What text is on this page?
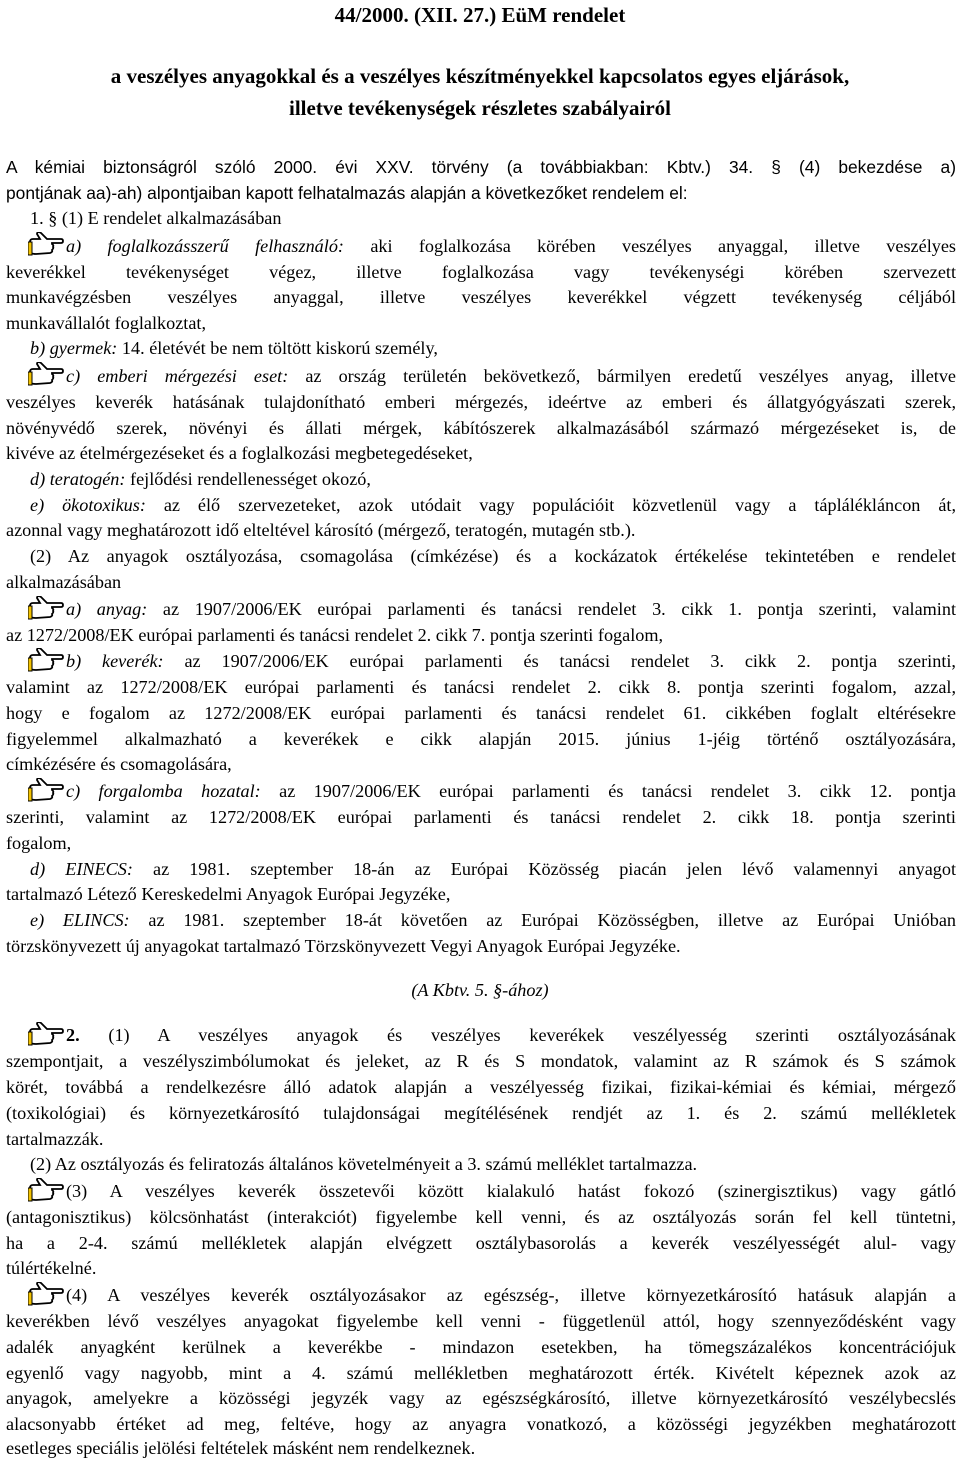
44/2000. (XII. 27.) EüM rendelet
a veszélyes anyagokkal és a veszélyes készítményekkel kapcsolatos egyes eljárások,
illetve tevékenységek részletes szabályairól
A kémiai biztonságról szóló 2000. évi XXV. törvény (a továbbiakban: Kbtv.) 34. § (4) bekezdése a)
pontjának aa)-ah) alpontjaiban kapott felhatalmazás alapján a következőket rendelem el:
1. § (1) E rendelet alkalmazásában
a) foglalkozásszerű felhasználó: aki foglalkozása körében veszélyes anyaggal, illetve veszélyes
keverékkel tevékenységet végez, illetve foglalkozása vagy tevékenységi körében szervezett
munkavégzésben veszélyes anyaggal, illetve veszélyes keverékkel végzett tevékenység céljából
munkavállalót foglalkoztat,
b) gyermek: 14. életévét be nem töltött kiskorú személy,
c) emberi mérgezési eset: az ország területén bekövetkező, bármilyen eredetű veszélyes anyag, illetve
veszélyes keverék hatásának tulajdonítható emberi mérgezés, ideértve az emberi és állatgyógyászati szerek,
növényvédő szerek, növényi és állati mérgek, kábítószerek alkalmazásából származó mérgezéseket is, de
kivéve az ételmérgezéseket és a foglalkozási megbetegedéseket,
d) teratogén: fejlődési rendellenességet okozó,
e) ökotoxikus: az élő szervezeteket, azok utódait vagy populációit közvetlenül vagy a táplálékláncon át,
azonnal vagy meghatározott idő elteltével károsító (mérgező, teratogén, mutagén stb.).
(2) Az anyagok osztályozása, csomagolása (címkézése) és a kockázatok értékelése tekintetében e rendelet
alkalmazásában
a) anyag: az 1907/2006/EK európai parlamenti és tanácsi rendelet 3. cikk 1. pontja szerinti, valamint
az 1272/2008/EK európai parlamenti és tanácsi rendelet 2. cikk 7. pontja szerinti fogalom,
b) keverék: az 1907/2006/EK európai parlamenti és tanácsi rendelet 3. cikk 2. pontja szerinti,
valamint az 1272/2008/EK európai parlamenti és tanácsi rendelet 2. cikk 8. pontja szerinti fogalom, azzal,
hogy e fogalom az 1272/2008/EK európai parlamenti és tanácsi rendelet 61. cikkében foglalt eltérésekre
figyelemmel alkalmazható a keverékek e cikk alapján 2015. június 1-jéig történő osztályozására,
címkézésére és csomagolására,
c) forgalomba hozatal: az 1907/2006/EK európai parlamenti és tanácsi rendelet 3. cikk 12. pontja
szerinti, valamint az 1272/2008/EK európai parlamenti és tanácsi rendelet 2. cikk 18. pontja szerinti
fogalom,
d) EINECS: az 1981. szeptember 18-án az Európai Közösség piacán jelen lévő valamennyi anyagot
tartalmazó Létező Kereskedelmi Anyagok Európai Jegyzéke,
e) ELINCS: az 1981. szeptember 18-át követően az Európai Közösségben, illetve az Európai Unióban
törzskönyvezett új anyagokat tartalmazó Törzskönyvezett Vegyi Anyagok Európai Jegyzéke.
(A Kbtv. 5. §-ához)
2. (1) A veszélyes anyagok és veszélyes keverékek veszélyesség szerinti osztályozásának
szempontjait, a veszélyszimbólumokat és jeleket, az R és S mondatok, valamint az R számok és S számok
körét, továbbá a rendelkezésre álló adatok alapján a veszélyesség fizikai, fizikai-kémiai és kémiai, mérgező
(toxikológiai) és környezetkárosító tulajdonságai megítélésének rendjét az 1. és 2. számú mellékletek
tartalmazzák.
(2) Az osztályozás és feliratozás általános követelményeit a 3. számú melléklet tartalmazza.
(3) A veszélyes keverék összetevői között kialakuló hatást fokozó (szinergisztikus) vagy gátló
(antagonisztikus) kölcsönhatást (interakciót) figyelembe kell venni, és az osztályozás során fel kell tüntetni,
ha a 2-4. számú mellékletek alapján elvégzett osztálybasorolás a keverék veszélyességét alul- vagy
túlértékelné.
(4) A veszélyes keverék osztályozásakor az egészség-, illetve környezetkárosító hatásuk alapján a
keverékben lévő veszélyes anyagokat figyelembe kell venni - függetlenül attól, hogy szennyeződésként vagy
adalék anyagként kerülnek a keverékbe - mindazon esetekben, ha tömegszázalékos koncentrációjuk
egyenlő vagy nagyobb, mint a 4. számú mellékletben meghatározott érték. Kivételt képeznek azok az
anyagok, amelyekre a közösségi jegyzék vagy az egészségkárosító, illetve környezetkárosító veszélybecslés
alacsonyabb értéket ad meg, feltéve, hogy az anyagra vonatkozó, a közösségi jegyzékben meghatározott
esetleges speciális jelölési feltételek másként nem rendelkeznek.
